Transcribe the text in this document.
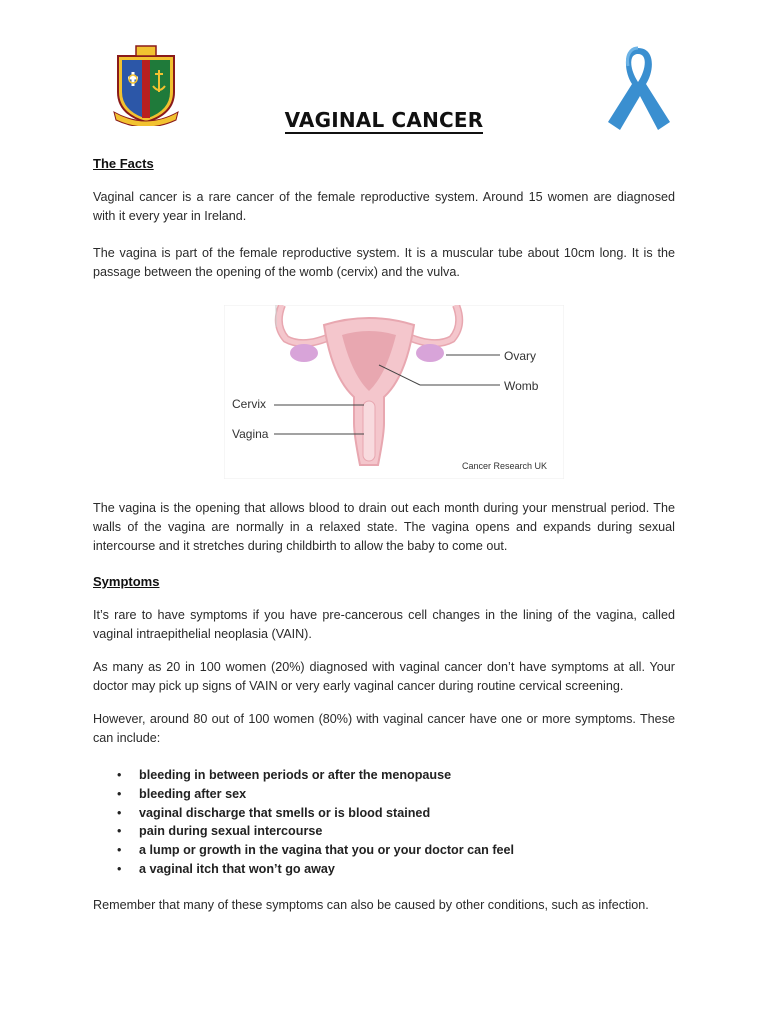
VAGINAL CANCER
The Facts
Vaginal cancer is a rare cancer of the female reproductive system. Around 15 women are diagnosed with it every year in Ireland.
The vagina is part of the female reproductive system. It is a muscular tube about 10cm long. It is the passage between the opening of the womb (cervix) and the vulva.
Ovary
Womb
Cervix
Vagina
Cancer Research UK
The vagina is the opening that allows blood to drain out each month during your menstrual period. The walls of the vagina are normally in a relaxed state. The vagina opens and expands during sexual intercourse and it stretches during childbirth to allow the baby to come out.
Symptoms
It’s rare to have symptoms if you have pre-cancerous cell changes in the lining of the vagina, called vaginal intraepithelial neoplasia (VAIN).
As many as 20 in 100 women (20%) diagnosed with vaginal cancer don’t have symptoms at all. Your doctor may pick up signs of VAIN or very early vaginal cancer during routine cervical screening.
However, around 80 out of 100 women (80%) with vaginal cancer have one or more symptoms. These can include:
• bleeding in between periods or after the menopause
• bleeding after sex
• vaginal discharge that smells or is blood stained
• pain during sexual intercourse
• a lump or growth in the vagina that you or your doctor can feel
• a vaginal itch that won’t go away
Remember that many of these symptoms can also be caused by other conditions, such as infection.
